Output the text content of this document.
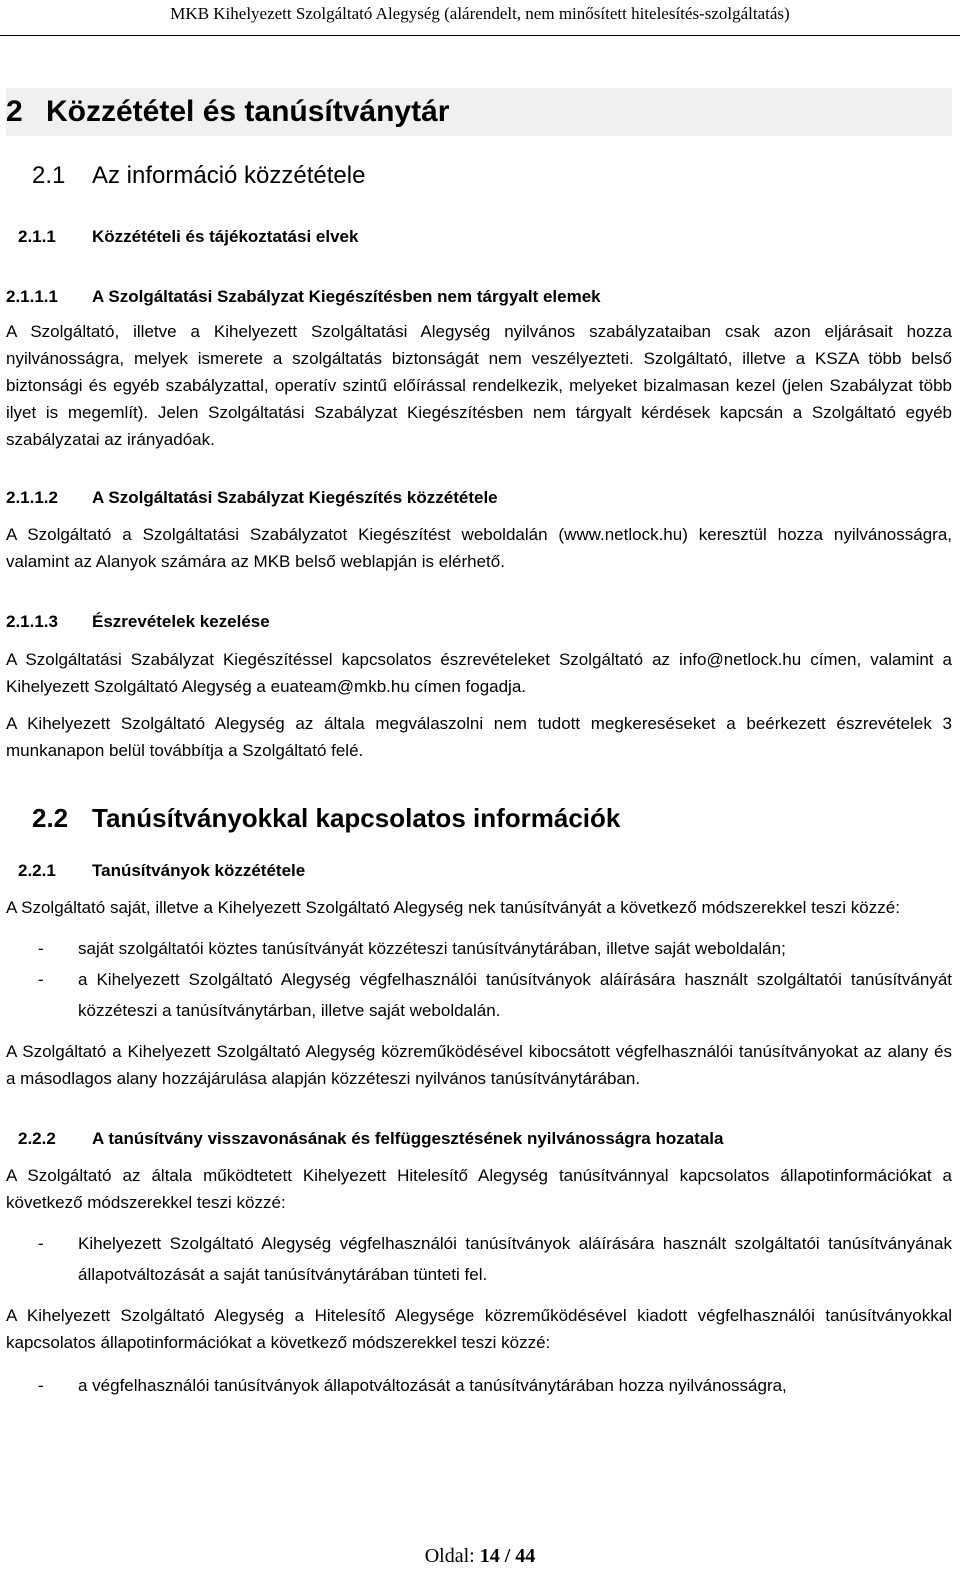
MKB Kihelyezett Szolgáltató Alegység (alárendelt, nem minősített hitelesítés-szolgáltatás)
2 Közzététel és tanúsítványtár
2.1 Az információ közzététele
2.1.1 Közzétételi és tájékoztatási elvek
2.1.1.1 A Szolgáltatási Szabályzat Kiegészítésben nem tárgyalt elemek

A Szolgáltató, illetve a Kihelyezett Szolgáltatási Alegység nyilvános szabályzataiban csak azon eljárásait hozza nyilvánosságra, melyek ismerete a szolgáltatás biztonságát nem veszélyezteti. Szolgáltató, illetve a KSZA több belső biztonsági és egyéb szabályzattal, operatív szintű előírással rendelkezik, melyeket bizalmasan kezel (jelen Szabályzat több ilyet is megemlít). Jelen Szolgáltatási Szabályzat Kiegészítésben nem tárgyalt kérdések kapcsán a Szolgáltató egyéb szabályzatai az irányadóak.

2.1.1.2 A Szolgáltatási Szabályzat Kiegészítés közzététele

A Szolgáltató a Szolgáltatási Szabályzatot Kiegészítést weboldalán (www.netlock.hu) keresztül hozza nyilvánosságra, valamint az Alanyok számára az MKB belső weblapján is elérhető.

2.1.1.3 Észrevételek kezelése

A Szolgáltatási Szabályzat Kiegészítéssel kapcsolatos észrevételeket Szolgáltató az info@netlock.hu címen, valamint a Kihelyezett Szolgáltató Alegység a euateam@mkb.hu címen fogadja.

A Kihelyezett Szolgáltató Alegység az általa megválaszolni nem tudott megkereséseket a beérkezett észrevételek 3 munkanapon belül továbbítja a Szolgáltató felé.

2.2 Tanúsítványokkal kapcsolatos információk
2.2.1 Tanúsítványok közzététele

A Szolgáltató saját, illetve a Kihelyezett Szolgáltató Alegység nek tanúsítványát a következő módszerekkel teszi közzé:

- saját szolgáltatói köztes tanúsítványát közzéteszi tanúsítványtárában, illetve saját weboldalán;
- a Kihelyezett Szolgáltató Alegység végfelhasználói tanúsítványok aláírására használt szolgáltatói tanúsítványát közzéteszi a tanúsítványtárban, illetve saját weboldalán.

A Szolgáltató a Kihelyezett Szolgáltató Alegység közreműködésével kibocsátott végfelhasználói tanúsítványokat az alany és a másodlagos alany hozzájárulása alapján közzéteszi nyilvános tanúsítványtárában.

2.2.2 A tanúsítvány visszavonásának és felfüggesztésének nyilvánosságra hozatala

A Szolgáltató az általa működtetett Kihelyezett Hitelesítő Alegység tanúsítvánnyal kapcsolatos állapotinformációkat a következő módszerekkel teszi közzé:

- Kihelyezett Szolgáltató Alegység végfelhasználói tanúsítványok aláírására használt szolgáltatói tanúsítványának állapotváltozását a saját tanúsítványtárában tünteti fel.

A Kihelyezett Szolgáltató Alegység a Hitelesítő Alegysége közreműködésével kiadott végfelhasználói tanúsítványokkal kapcsolatos állapotinformációkat a következő módszerekkel teszi közzé:

- a végfelhasználói tanúsítványok állapotváltozását a tanúsítványtárában hozza nyilvánosságra,
Oldal: 14 / 44
